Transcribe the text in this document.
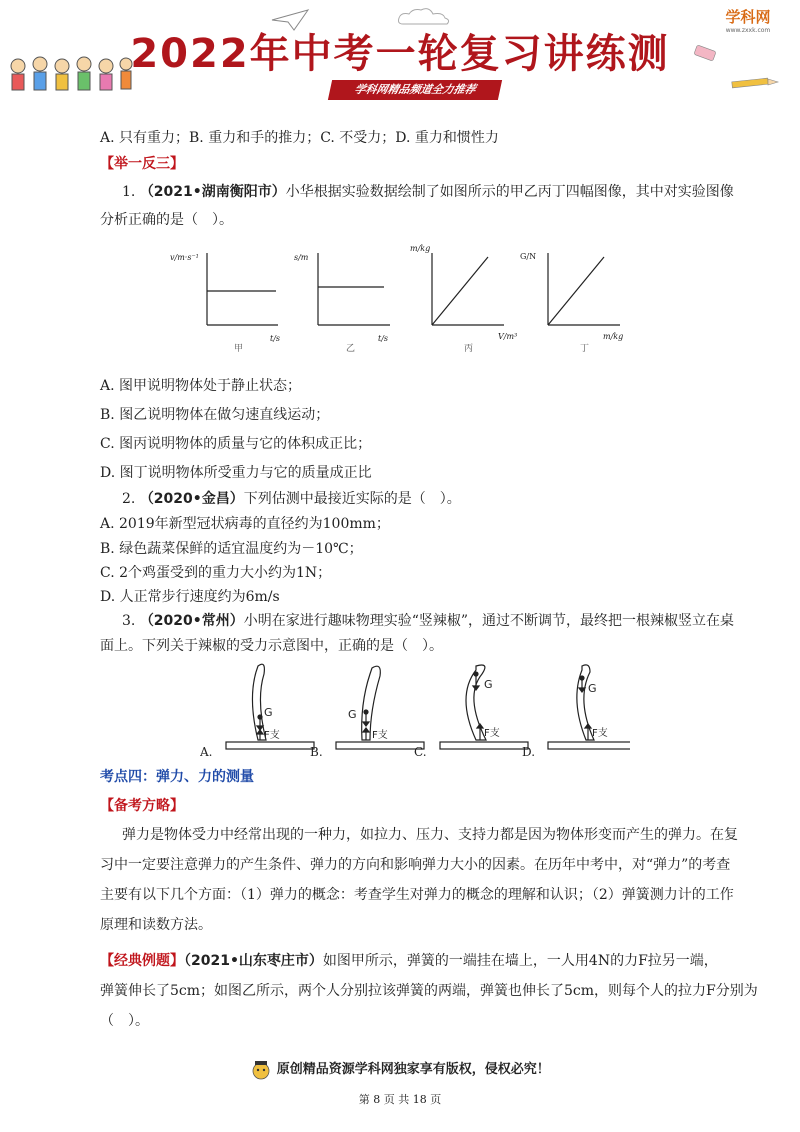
2022年中考一轮复习讲练测
学科网精品频道全力推荐
学科网
www.zxxk.com
A. 只有重力；B. 重力和手的推力；C. 不受力；D. 重力和惯性力
【举一反三】
1. （2021•湖南衡阳市）小华根据实验数据绘制了如图所示的甲乙丙丁四幅图像，其中对实验图像
分析正确的是（　）。
v/m·s⁻¹
t/s
s/m
t/s
m/kg
V/m³
G/N
m/kg
甲	乙	丙	丁
A. 图甲说明物体处于静止状态；
B. 图乙说明物体在做匀速直线运动；
C. 图丙说明物体的质量与它的体积成正比；
D. 图丁说明物体所受重力与它的质量成正比
2. （2020•金昌）下列估测中最接近实际的是（　）。
A. 2019年新型冠状病毒的直径约为100mm；
B. 绿色蔬菜保鲜的适宜温度约为－10℃；
C. 2个鸡蛋受到的重力大小约为1N；
D. 人正常步行速度约为6m/s
3. （2020•常州）小明在家进行趣味物理实验“竖辣椒”，通过不断调节，最终把一根辣椒竖立在桌
面上。下列关于辣椒的受力示意图中，正确的是（　）。
A.	B.	C.	D.
G
F支
G
F支
G
F支
G
F支
考点四：弹力、力的测量
【备考方略】
弹力是物体受力中经常出现的一种力，如拉力、压力、支持力都是因为物体形变而产生的弹力。在复
习中一定要注意弹力的产生条件、弹力的方向和影响弹力大小的因素。在历年中考中，对“弹力”的考查
主要有以下几个方面：（1）弹力的概念：考查学生对弹力的概念的理解和认识；（2）弹簧测力计的工作
原理和读数方法。
【经典例题】（2021•山东枣庄市）如图甲所示，弹簧的一端挂在墙上，一人用4N的力F拉另一端，
弹簧伸长了5cm；如图乙所示，两个人分别拉该弹簧的两端，弹簧也伸长了5cm，则每个人的拉力F分别为
（　）。
原创精品资源学科网独家享有版权，侵权必究！
第 8 页 共 18 页
